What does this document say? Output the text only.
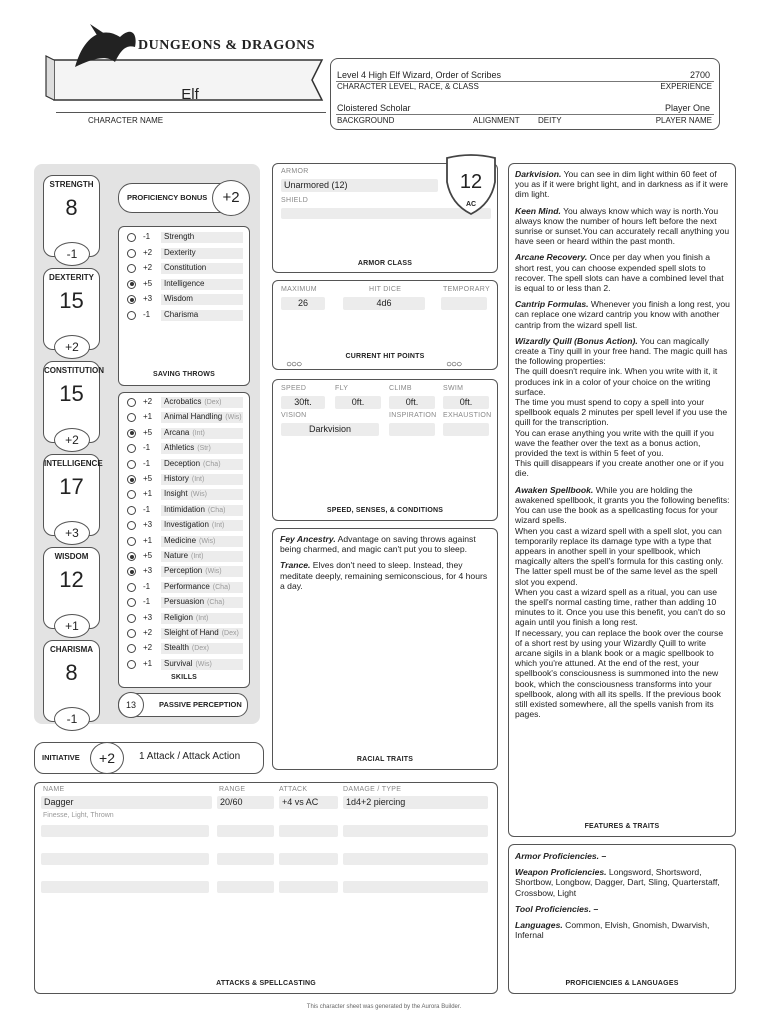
DUNGEONS & DRAGONS
Elf
CHARACTER NAME
Level 4 High Elf Wizard, Order of Scribes	2700
CHARACTER LEVEL, RACE, & CLASS	EXPERIENCE
Cloistered Scholar	Player One
BACKGROUND	ALIGNMENT DEITY	PLAYER NAME
STRENGTH
8
-1
DEXTERITY
15
+2
CONSTITUTION
15
+2
INTELLIGENCE
17
+3
WISDOM
12
+1
CHARISMA
8
-1
PROFICIENCY BONUS	+2
-1	Strength
+2	Dexterity
+2	Constitution
+5	Intelligence
+3	Wisdom
-1	Charisma
SAVING THROWS
+2	Acrobatics (Dex)
+1	Animal Handling (Wis)
+5	Arcana (Int)
-1	Athletics (Str)
-1	Deception (Cha)
+5	History (Int)
+1	Insight (Wis)
-1	Intimidation (Cha)
+3	Investigation (Int)
+1	Medicine (Wis)
+5	Nature (Int)
+3	Perception (Wis)
-1	Performance (Cha)
-1	Persuasion (Cha)
+3	Religion (Int)
+2	Sleight of Hand (Dex)
+2	Stealth (Dex)
+1	Survival (Wis)
SKILLS
PASSIVE PERCEPTION
13
INITIATIVE	1 Attack / Attack Action
+2
ARMOR
Unarmored (12)
SHIELD
ARMOR CLASS
12
AC
MAXIMUM	HIT DICE	TEMPORARY
26	4d6
CURRENT HIT POINTS
○○○	○○○
SPEED	FLY	CLIMB	SWIM
30ft.	0ft.	0ft.	0ft.
VISION	INSPIRATION EXHAUSTION
Darkvision
SPEED, SENSES, & CONDITIONS
Fey Ancestry. Advantage on saving throws against being charmed, and magic can't put you to sleep.
Trance. Elves don't need to sleep. Instead, they meditate deeply, remaining semiconscious, for 4 hours a day.
RACIAL TRAITS
Darkvision. You can see in dim light within 60 feet of you as if it were bright light, and in darkness as if it were dim light.
Keen Mind. You always know which way is north.You always know the number of hours left before the next sunrise or sunset.You can accurately recall anything you have seen or heard within the past month.
Arcane Recovery. Once per day when you finish a short rest, you can choose expended spell slots to recover. The spell slots can have a combined level that is equal to or less than 2.
Cantrip Formulas. Whenever you finish a long rest, you can replace one wizard cantrip you know with another cantrip from the wizard spell list.
Wizardly Quill (Bonus Action). You can magically create a Tiny quill in your free hand. The magic quill has the following properties:
The quill doesn't require ink. When you write with it, it produces ink in a color of your choice on the writing surface.
The time you must spend to copy a spell into your spellbook equals 2 minutes per spell level if you use the quill for the transcription.
You can erase anything you write with the quill if you wave the feather over the text as a bonus action, provided the text is within 5 feet of you.
This quill disappears if you create another one or if you die.
Awaken Spellbook. While you are holding the awakened spellbook, it grants you the following benefits:
You can use the book as a spellcasting focus for your wizard spells.
When you cast a wizard spell with a spell slot, you can temporarily replace its damage type with a type that appears in another spell in your spellbook, which magically alters the spell's formula for this casting only. The latter spell must be of the same level as the spell slot you expend.
When you cast a wizard spell as a ritual, you can use the spell's normal casting time, rather than adding 10 minutes to it. Once you use this benefit, you can't do so again until you finish a long rest.
If necessary, you can replace the book over the course of a short rest by using your Wizardly Quill to write arcane sigils in a blank book or a magic spellbook to which you're attuned. At the end of the rest, your spellbook's consciousness is summoned into the new book, which the consciousness transforms into your spellbook, along with all its spells. If the previous book still existed somewhere, all the spells vanish from its pages.
FEATURES & TRAITS
Armor Proficiencies. –
Weapon Proficiencies. Longsword, Shortsword, Shortbow, Longbow, Dagger, Dart, Sling, Quarterstaff, Crossbow, Light
Tool Proficiencies. –
Languages. Common, Elvish, Gnomish, Dwarvish, Infernal
PROFICIENCIES & LANGUAGES
NAME	RANGE	ATTACK	DAMAGE / TYPE
Dagger	20/60	+4 vs AC	1d4+2 piercing
Finesse, Light, Thrown
ATTACKS & SPELLCASTING
This character sheet was generated by the Aurora Builder.
